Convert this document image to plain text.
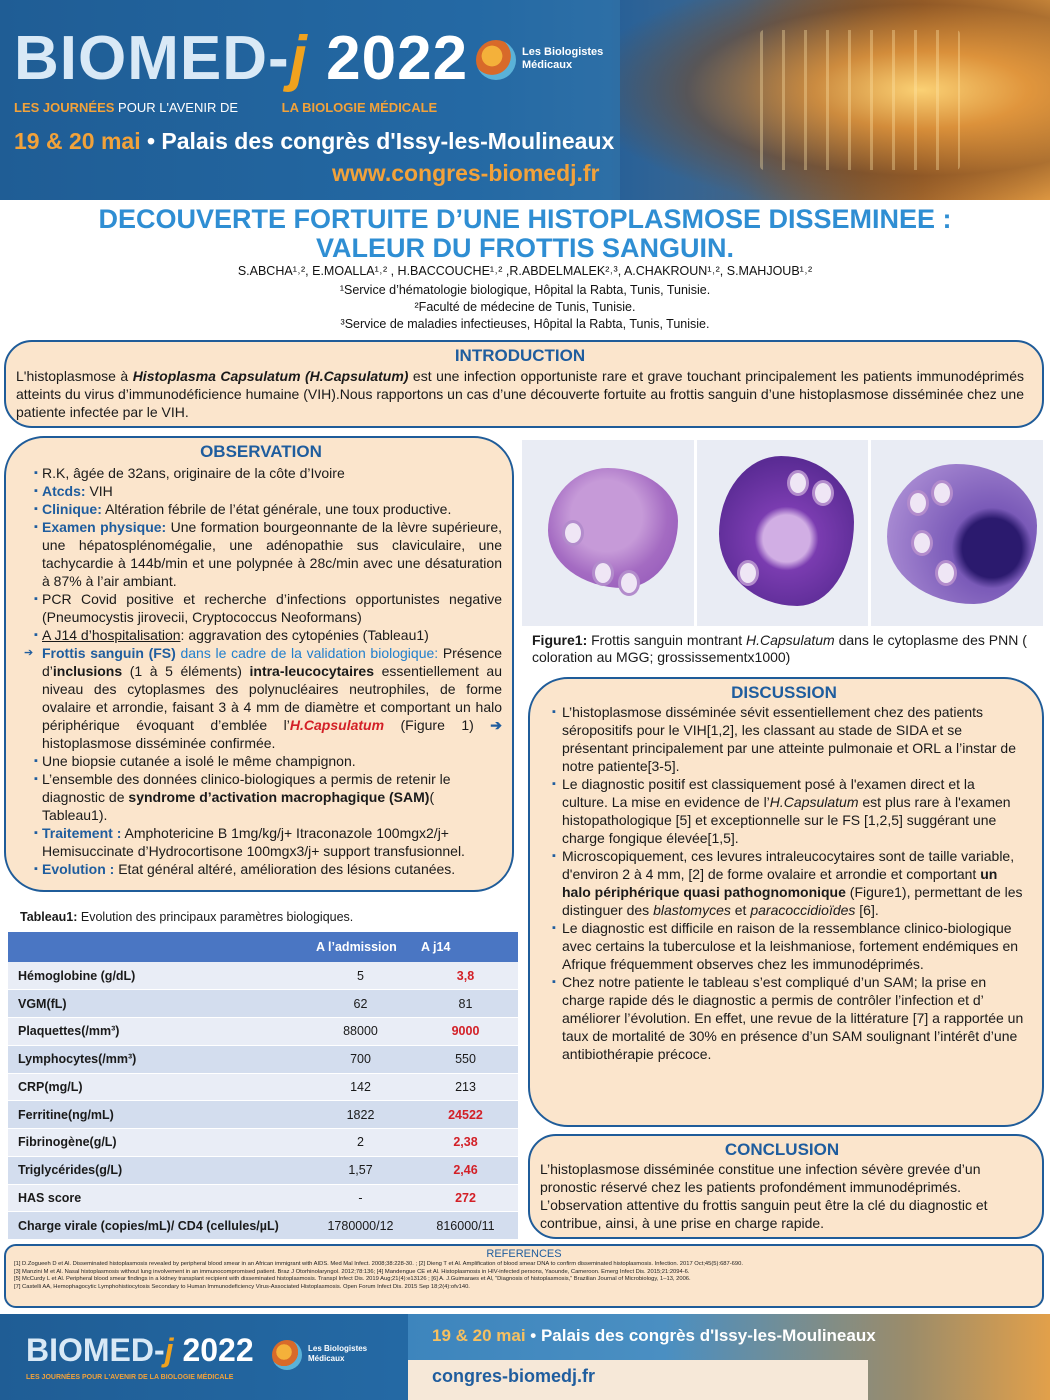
BIOMED-j 2022	Les Biologistes Médicaux
LES JOURNÉES POUR L'AVENIR DE	LA BIOLOGIE MÉDICALE
19 & 20 mai • Palais des congrès d'Issy-les-Moulineaux
www.congres-biomedj.fr
DECOUVERTE FORTUITE D’UNE HISTOPLASMOSE DISSEMINEE :
VALEUR DU FROTTIS SANGUIN.
S.ABCHA¹˒², E.MOALLA¹˒² , H.BACCOUCHE¹˒² ,R.ABDELMALEK²˒³, A.CHAKROUN¹˒², S.MAHJOUB¹˒²
¹Service d’hématologie biologique, Hôpital la Rabta, Tunis, Tunisie.
²Faculté de médecine de Tunis, Tunisie.
³Service de maladies infectieuses, Hôpital la Rabta, Tunis, Tunisie.
INTRODUCTION

L'histoplasmose à Histoplasma Capsulatum (H.Capsulatum) est une infection opportuniste rare et grave touchant principalement les patients immunodéprimés atteints du virus d’immunodéficience humaine (VIH).Nous rapportons un cas d’une découverte fortuite au frottis sanguin d’une histoplasmose disséminée chez une patiente infectée par le VIH.

OBSERVATION
▪ R.K, âgée de 32ans, originaire de la côte d’Ivoire
▪ Atcds: VIH
▪ Clinique: Altération fébrile de l’état générale, une toux productive.
▪ Examen physique: Une formation bourgeonnante de la lèvre supérieure, une hépatosplénomégalie, une adénopathie sus claviculaire, une tachycardie à 144b/min et une polypnée à 28c/min avec une désaturation à 87% à l’air ambiant.
▪ PCR Covid positive et recherche d’infections opportunistes negative (Pneumocystis jirovecii, Cryptococcus Neoformans)
▪ A J14 d’hospitalisation: aggravation des cytopénies (Tableau1)
➔ Frottis sanguin (FS) dans le cadre de la validation biologique: Présence d’inclusions (1 à 5 éléments) intra-leucocytaires essentiellement au niveau des cytoplasmes des polynucléaires neutrophiles, de forme ovalaire et arrondie, faisant 3 à 4 mm de diamètre et comportant un halo périphérique évoquant d’emblée l’H.Capsulatum (Figure 1) ➔ histoplasmose disséminée confirmée.
▪ Une biopsie cutanée a isolé le même champignon.
▪ L’ensemble des données clinico-biologiques a permis de retenir le diagnostic de syndrome d’activation macrophagique (SAM)( Tableau1).
▪ Traitement : Amphotericine B 1mg/kg/j+ Itraconazole 100mgx2/j+ Hemisuccinate d’Hydrocortisone 100mgx3/j+ support transfusionnel.
▪ Evolution : Etat général altéré, amélioration des lésions cutanées.
Figure1: Frottis sanguin montrant H.Capsulatum dans le cytoplasme des PNN ( coloration au MGG; grossissementx1000)
DISCUSSION
▪ L’histoplasmose disséminée sévit essentiellement chez des patients séropositifs pour le VIH[1,2], les classant au stade de SIDA et se présentant principalement par une atteinte pulmonaie et ORL a l’instar de notre patiente[3-5].
▪ Le diagnostic positif est classiquement posé à l'examen direct et la culture. La mise en evidence de l’H.Capsulatum est plus rare à l'examen histopathologique [5] et exceptionnelle sur le FS [1,2,5] suggérant une charge fongique élevée[1,5].
▪ Microscopiquement, ces levures intraleucocytaires sont de taille variable, d'environ 2 à 4 mm, [2] de forme ovalaire et arrondie et comportant un halo périphérique quasi pathognomonique (Figure1), permettant de les distinguer des blastomyces et paracoccidioïdes [6].
▪ Le diagnostic est difficile en raison de la ressemblance clinico-biologique avec certains la tuberculose et la leishmaniose, fortement endémiques en Afrique fréquemment observes chez les immunodéprimés.
▪ Chez notre patiente le tableau s’est compliqué d’un SAM; la prise en charge rapide dés le diagnostic a permis de contrôler l’infection et d’ améliorer l’évolution. En effet, une revue de la littérature [7] a rapportée un taux de mortalité de 30% en présence d’un SAM soulignant l’intérêt d’une antibiothérapie précoce.
CONCLUSION

L’histoplasmose disséminée constitue une infection sévère grevée d’un pronostic réservé chez les patients profondément immunodéprimés. L’observation attentive du frottis sanguin peut être la clé du diagnostic et contribue, ainsi, à une prise en charge rapide.

Tableau1: Evolution des principaux paramètres biologiques.
	A l’admission	A j14
Hémoglobine (g/dL)	5	3,8
VGM(fL)	62	81
Plaquettes(/mm³)	88000	9000
Lymphocytes(/mm³)	700	550
CRP(mg/L)	142	213
Ferritine(ng/mL)	1822	24522
Fibrinogène(g/L)	2	2,38
Triglycérides(g/L)	1,57	2,46
HAS score	-	272
Charge virale (copies/mL)/ CD4 (cellules/µL)	1780000/12	816000/11
REFERENCES
[1] D.Zogueeh D et Al. Disseminated histoplasmosis revealed by peripheral blood smear in an African immigrant with AIDS. Med Mal Infect. 2008;38:228-30. ; [2] Dieng T et Al. Amplification of blood smear DNA to confirm disseminated histoplasmosis. Infection. 2017 Oct;45(5):687-690.
[3] Manzini M et Al. Nasal histoplasmosis without lung involvement in an immunocompromised patient. Braz J Otorhinolaryngol. 2012;78:136; [4] Mandengue CE et Al. Histoplasmosis in HIV-infected persons, Yaounde, Cameroon. Emerg Infect Dis. 2015;21:2094-6.
[5] McCurdy L et Al. Peripheral blood smear findings in a kidney transplant recipient with disseminated histoplasmosis. Transpl Infect Dis. 2019 Aug;21(4):e13126 ; [6] A. J.Guimaraes et Al, “Diagnosis of histoplasmosis,” Brazilian Journal of Microbiology, 1–13, 2006.
[7] Castelli AA, Hemophagocytic Lymphohistiocytosis Secondary to Human Immunodeficiency Virus-Associated Histoplasmosis. Open Forum Infect Dis. 2015 Sep 18;2(4):ofv140.
BIOMED-j 2022
LES JOURNÉES POUR L'AVENIR DE LA BIOLOGIE MÉDICALE
Les Biologistes Médicaux
19 & 20 mai • Palais des congrès d'Issy-les-Moulineaux
congres-biomedj.fr
